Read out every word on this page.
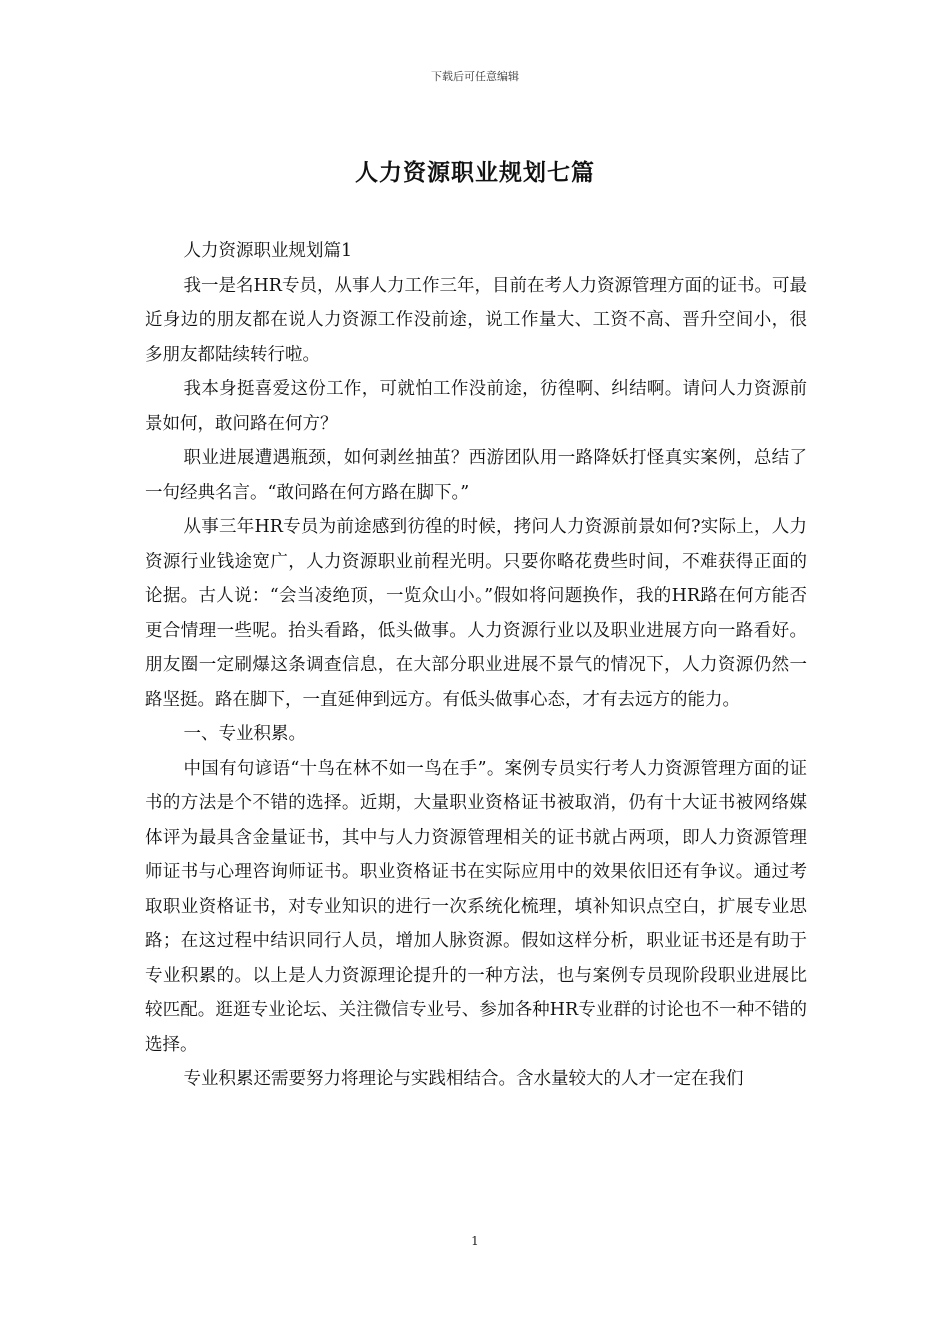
下载后可任意编辑
人力资源职业规划七篇

人力资源职业规划篇1

我一是名HR专员，从事人力工作三年，目前在考人力资源管理方面的证书。可最近身边的朋友都在说人力资源工作没前途，说工作量大、工资不高、晋升空间小，很多朋友都陆续转行啦。

我本身挺喜爱这份工作，可就怕工作没前途，彷徨啊、纠结啊。请问人力资源前景如何，敢问路在何方？

职业进展遭遇瓶颈，如何剥丝抽茧？西游团队用一路降妖打怪真实案例，总结了一句经典名言。“敢问路在何方路在脚下。”

从事三年HR专员为前途感到彷徨的时候，拷问人力资源前景如何?实际上，人力资源行业钱途宽广，人力资源职业前程光明。只要你略花费些时间，不难获得正面的论据。古人说：“会当凌绝顶，一览众山小。”假如将问题换作，我的HR路在何方能否更合情理一些呢。抬头看路，低头做事。人力资源行业以及职业进展方向一路看好。朋友圈一定刷爆这条调查信息，在大部分职业进展不景气的情况下，人力资源仍然一路坚挺。路在脚下，一直延伸到远方。有低头做事心态，才有去远方的能力。

一、专业积累。

中国有句谚语“十鸟在林不如一鸟在手”。案例专员实行考人力资源管理方面的证书的方法是个不错的选择。近期，大量职业资格证书被取消，仍有十大证书被网络媒体评为最具含金量证书，其中与人力资源管理相关的证书就占两项，即人力资源管理师证书与心理咨询师证书。职业资格证书在实际应用中的效果依旧还有争议。通过考取职业资格证书，对专业知识的进行一次系统化梳理，填补知识点空白，扩展专业思路；在这过程中结识同行人员，增加人脉资源。假如这样分析，职业证书还是有助于专业积累的。以上是人力资源理论提升的一种方法，也与案例专员现阶段职业进展比较匹配。逛逛专业论坛、关注微信专业号、参加各种HR专业群的讨论也不一种不错的选择。

专业积累还需要努力将理论与实践相结合。含水量较大的人才一定在我们

1
